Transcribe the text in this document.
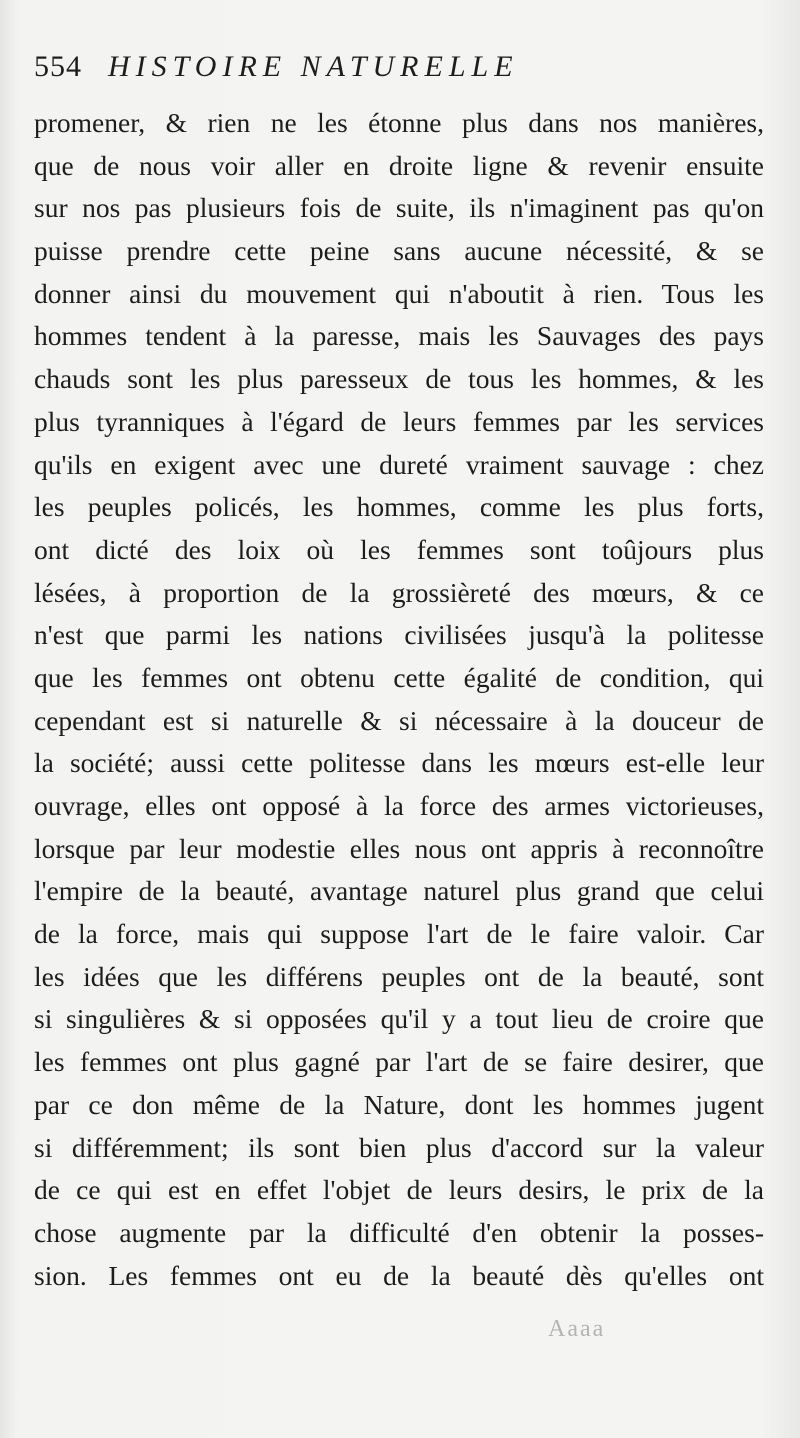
554 HISTOIRE NATURELLE
promener, & rien ne les étonne plus dans nos manières,
que de nous voir aller en droite ligne & revenir ensuite
sur nos pas plusieurs fois de suite, ils n'imaginent pas qu'on
puisse prendre cette peine sans aucune nécessité, & se
donner ainsi du mouvement qui n'aboutit à rien. Tous les
hommes tendent à la paresse, mais les Sauvages des pays
chauds sont les plus paresseux de tous les hommes, & les
plus tyranniques à l'égard de leurs femmes par les services
qu'ils en exigent avec une dureté vraiment sauvage : chez
les peuples policés, les hommes, comme les plus forts,
ont dicté des loix où les femmes sont toûjours plus
lésées, à proportion de la grossièreté des mœurs, & ce
n'est que parmi les nations civilisées jusqu'à la politesse
que les femmes ont obtenu cette égalité de condition, qui
cependant est si naturelle & si nécessaire à la douceur de
la société; aussi cette politesse dans les mœurs est-elle leur
ouvrage, elles ont opposé à la force des armes victorieuses,
lorsque par leur modestie elles nous ont appris à reconnoître
l'empire de la beauté, avantage naturel plus grand que celui
de la force, mais qui suppose l'art de le faire valoir. Car
les idées que les différens peuples ont de la beauté, sont
si singulières & si opposées qu'il y a tout lieu de croire que
les femmes ont plus gagné par l'art de se faire desirer, que
par ce don même de la Nature, dont les hommes jugent
si différemment; ils sont bien plus d'accord sur la valeur
de ce qui est en effet l'objet de leurs desirs, le prix de la
chose augmente par la difficulté d'en obtenir la posses-
sion. Les femmes ont eu de la beauté dès qu'elles ont
Aaaa
